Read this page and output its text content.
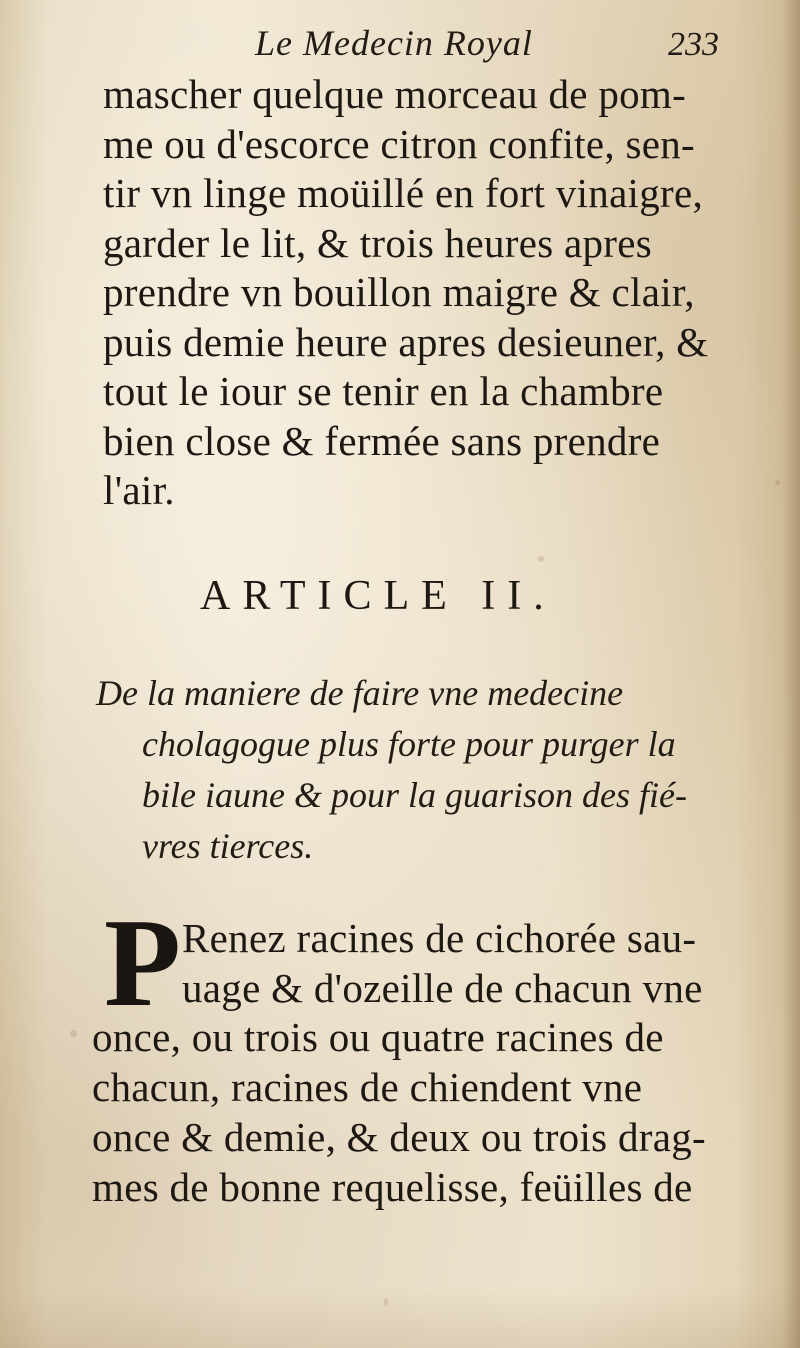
Le Medecin Royal	233
mascher quelque morceau de pom-
me ou d'escorce citron confite, sen-
tir vn linge moüillé en fort vinaigre,
garder le lit, & trois heures apres
prendre vn bouillon maigre & clair,
puis demie heure apres desieuner, &
tout le iour se tenir en la chambre
bien close & fermée sans prendre
l'air.
ARTICLE II.
De la maniere de faire vne medecine
cholagogue plus forte pour purger la
bile iaune & pour la guarison des fié-
vres tierces.
P Renez racines de cichorée sau-
uage & d'ozeille de chacun vne
once, ou trois ou quatre racines de
chacun, racines de chiendent vne
once & demie, & deux ou trois drag-
mes de bonne requelisse, feüilles de
